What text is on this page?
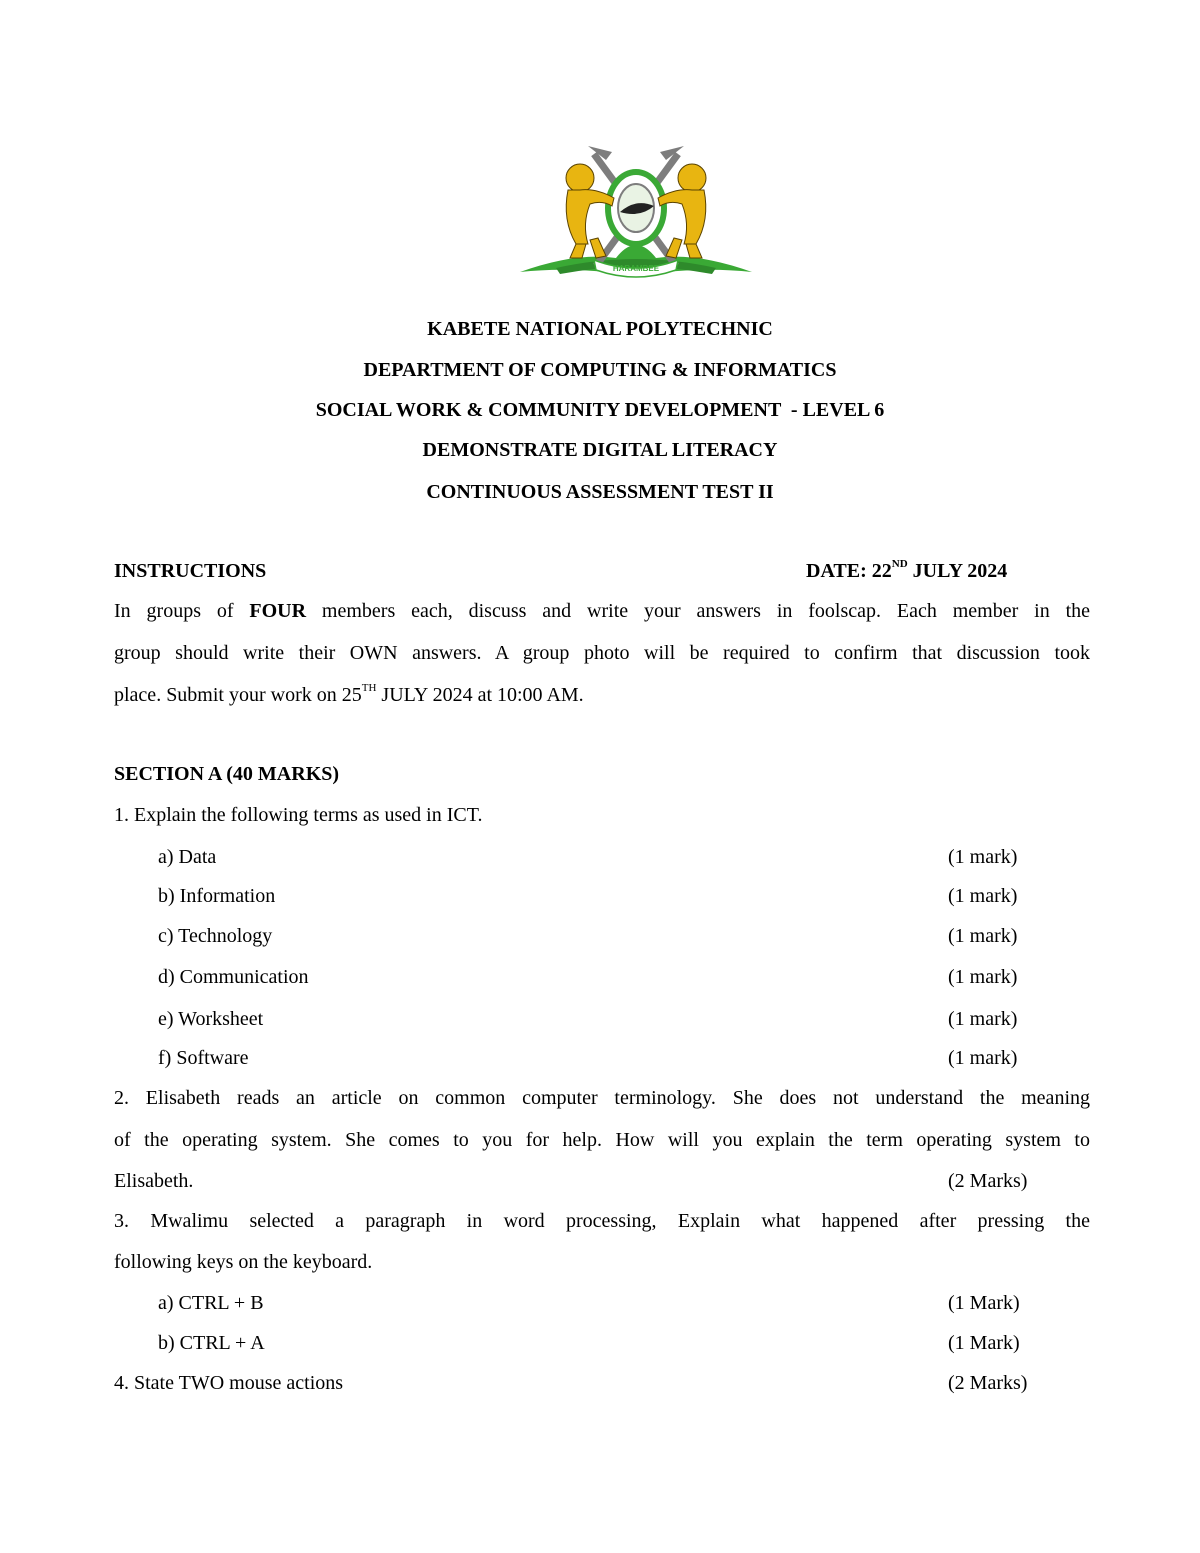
HARAMBEE
KABETE NATIONAL POLYTECHNIC
DEPARTMENT OF COMPUTING & INFORMATICS
SOCIAL WORK & COMMUNITY DEVELOPMENT  - LEVEL 6
DEMONSTRATE DIGITAL LITERACY
CONTINUOUS ASSESSMENT TEST II
INSTRUCTIONS	DATE: 22ND JULY 2024
In groups of FOUR members each, discuss and write your answers in foolscap. Each member in the
group should write their OWN answers. A group photo will be required to confirm that discussion took
place. Submit your work on 25TH JULY 2024 at 10:00 AM.
SECTION A (40 MARKS)
1. Explain the following terms as used in ICT.
a) Data	(1 mark)
b) Information	(1 mark)
c) Technology	(1 mark)
d) Communication	(1 mark)
e) Worksheet	(1 mark)
f) Software	(1 mark)
2. Elisabeth reads an article on common computer terminology. She does not understand the meaning
of the operating system. She comes to you for help. How will you explain the term operating system to
Elisabeth.	(2 Marks)
3. Mwalimu selected a paragraph in word processing, Explain what happened after pressing the
following keys on the keyboard.
a) CTRL + B	(1 Mark)
b) CTRL + A	(1 Mark)
4. State TWO mouse actions	(2 Marks)
